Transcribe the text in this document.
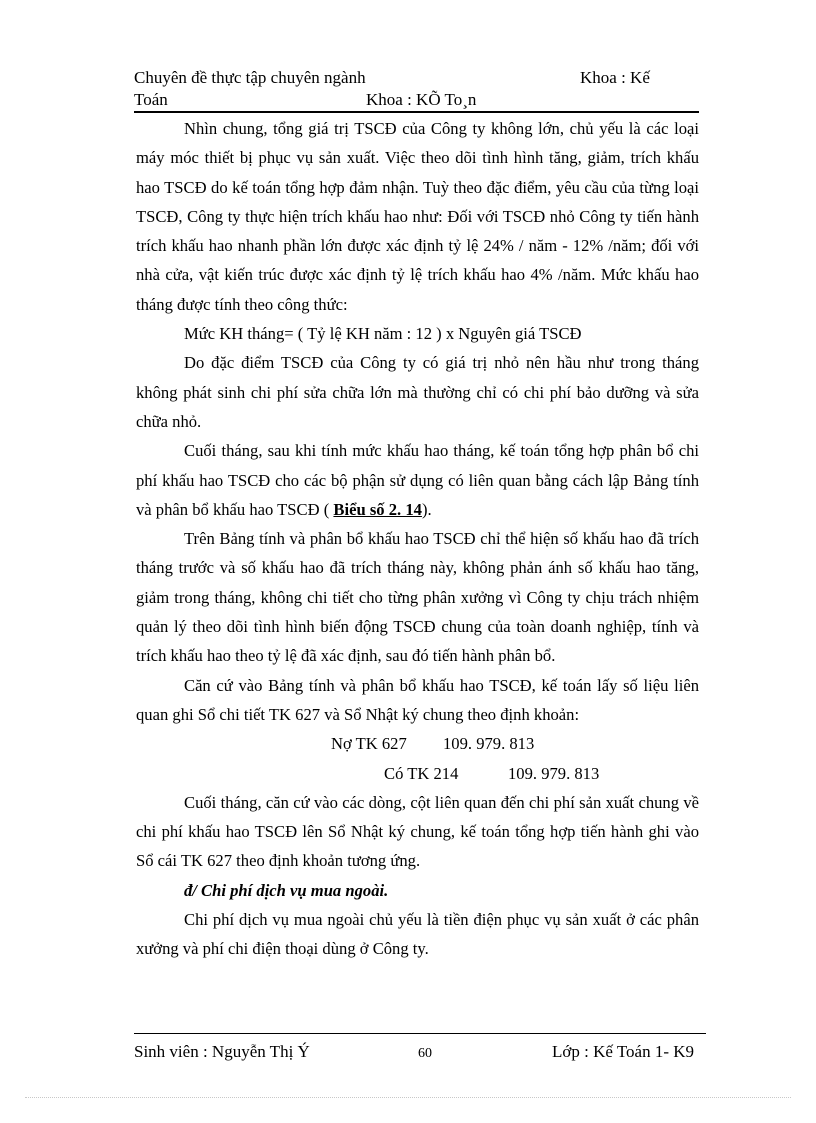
Chuyên đề thực tập chuyên ngành	Khoa : Kế
Toán	Khoa : KÕ To¸n

Nhìn chung, tổng giá trị TSCĐ của Công ty không lớn, chủ yếu là các loại máy móc thiết bị phục vụ sản xuất. Việc theo dõi tình hình tăng, giảm, trích khấu hao TSCĐ do kế toán tổng hợp đảm nhận. Tuỳ theo đặc điểm, yêu cầu của từng loại TSCĐ, Công ty thực hiện trích khấu hao như: Đối với TSCĐ nhỏ Công ty tiến hành trích khấu hao nhanh phần lớn được xác định tỷ lệ 24% / năm - 12% /năm; đối với nhà cửa, vật kiến trúc được xác định tỷ lệ trích khấu hao 4% /năm. Mức khấu hao tháng được tính theo công thức:

Mức KH tháng= ( Tỷ lệ KH năm : 12 ) x Nguyên giá TSCĐ

Do đặc điểm TSCĐ của Công ty có giá trị nhỏ nên hầu như trong tháng không phát sinh chi phí sửa chữa lớn mà thường chỉ có chi phí bảo dưỡng và sửa chữa nhỏ.

Cuối tháng, sau khi tính mức khấu hao tháng, kế toán tổng hợp phân bổ chi phí khấu hao TSCĐ cho các bộ phận sử dụng có liên quan bằng cách lập Bảng tính và phân bổ khấu hao TSCĐ ( Biểu số 2. 14).

Trên Bảng tính và phân bổ khấu hao TSCĐ chỉ thể hiện số khấu hao đã trích tháng trước và số khấu hao đã trích tháng này, không phản ánh số khấu hao tăng, giảm trong tháng, không chi tiết cho từng phân xưởng vì Công ty chịu trách nhiệm quản lý theo dõi tình hình biến động TSCĐ chung của toàn doanh nghiệp, tính và trích khấu hao theo tỷ lệ đã xác định, sau đó tiến hành phân bổ.

Căn cứ vào Bảng tính và phân bổ khấu hao TSCĐ, kế toán lấy số liệu liên quan ghi Sổ chi tiết TK 627 và Sổ Nhật ký chung theo định khoản:

Nợ TK 627	109. 979. 813
Có TK 214	109. 979. 813

Cuối tháng, căn cứ vào các dòng, cột liên quan đến chi phí sản xuất chung về chi phí khấu hao TSCĐ lên Sổ Nhật ký chung, kế toán tổng hợp tiến hành ghi vào Sổ cái TK 627 theo định khoản tương ứng.

đ/ Chi phí dịch vụ mua ngoài.

Chi phí dịch vụ mua ngoài chủ yếu là tiền điện phục vụ sản xuất ở các phân xưởng và phí chi điện thoại dùng ở Công ty.

Sinh viên : Nguyễn Thị Ý	60	Lớp : Kế Toán 1- K9
